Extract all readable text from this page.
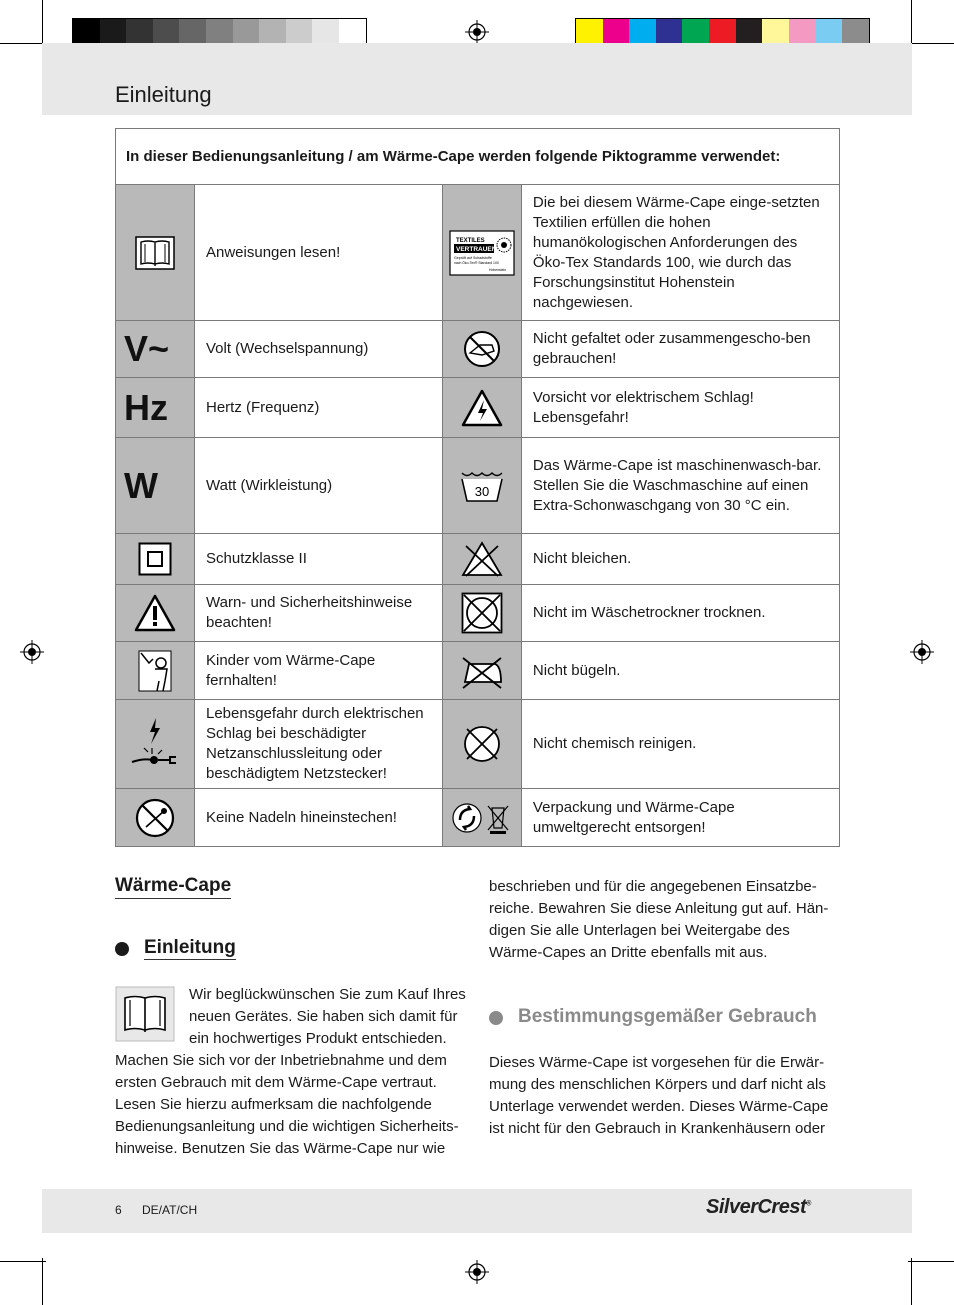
Einleitung
In dieser Bedienungsanleitung / am Wärme-Cape werden folgende Piktogramme verwendet:			

	Anweisungen lesen!	TEXTILES
VERTRAUEN
Geprüft auf Schadstoffe
nach Öko-Tex® Standard 100
Hohenstein	Die bei diesem Wärme-Cape einge-setzten Textilien erfüllen die hohen humanökologischen Anforderungen des Öko-Tex Standards 100, wie durch das Forschungsinstitut Hohenstein nachgewiesen.

V~	Volt (Wechselspannung)		Nicht gefaltet oder zusammengescho-ben gebrauchen!

Hz	Hertz (Frequenz)		Vorsicht vor elektrischem Schlag! Lebensgefahr!

W	Watt (Wirkleistung)	30	Das Wärme-Cape ist maschinenwasch-bar. Stellen Sie die Waschmaschine auf einen Extra-Schonwaschgang von 30 °C ein.

	Schutzklasse II		Nicht bleichen.

	Warn- und Sicherheitshinweise beachten!		Nicht im Wäschetrockner trocknen.

	Kinder vom Wärme-Cape fernhalten!		Nicht bügeln.

	Lebensgefahr durch elektrischen Schlag bei beschädigter Netzanschlussleitung oder beschädigtem Netzstecker!		Nicht chemisch reinigen.

	Keine Nadeln hineinstechen!		Verpackung und Wärme-Cape umweltgerecht entsorgen!
Wärme-Cape
Einleitung

Wir beglückwünschen Sie zum Kauf Ihres neuen Gerätes. Sie haben sich damit für ein hochwertiges Produkt entschieden. Machen Sie sich vor der Inbetriebnahme und dem ersten Gebrauch mit dem Wärme-Cape vertraut. Lesen Sie hierzu aufmerksam die nachfolgende Bedienungsanleitung und die wichtigen Sicherheits-hinweise. Benutzen Sie das Wärme-Cape nur wie

beschrieben und für die angegebenen Einsatzbe-reiche. Bewahren Sie diese Anleitung gut auf. Hän-digen Sie alle Unterlagen bei Weitergabe des Wärme-Capes an Dritte ebenfalls mit aus.

Bestimmungsgemäßer Gebrauch

Dieses Wärme-Cape ist vorgesehen für die Erwär-mung des menschlichen Körpers und darf nicht als Unterlage verwendet werden. Dieses Wärme-Cape ist nicht für den Gebrauch in Krankenhäusern oder

6 DE/AT/CH	SilverCrest®
